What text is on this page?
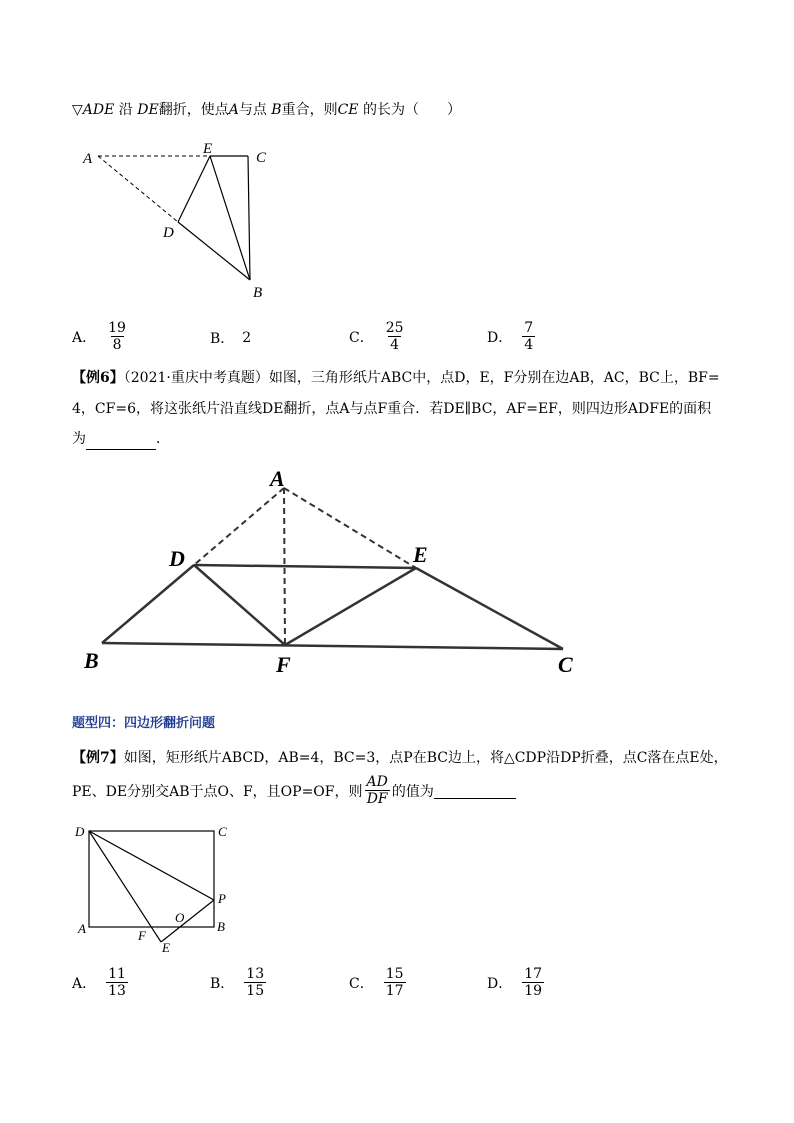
▽ADE 沿 DE翻折，使点A与点 B重合，则CE 的长为（　　）
A
E
C
D
B
A． $\frac{19}{8}$	B． 2	C． $\frac{25}{4}$	D． $\frac{7}{4}$
【例6】（2021·重庆中考真题）如图，三角形纸片ABC中，点D，E，F分别在边AB，AC，BC上，BF=
4，CF=6，将这张纸片沿直线DE翻折，点A与点F重合．若DE∥BC，AF=EF，则四边形ADFE的面积
为	．
A
D	E
B	F	C
题型四：四边形翻折问题
【例7】如图，矩形纸片ABCD，AB=4，BC=3，点P在BC边上，将△CDP沿DP折叠，点C落在点E处，
PE、DE分别交AB于点O、F，且OP=OF，则 $\frac{AD}{DF}$ 的值为
D	C
P
O
A	F
E
B
A． $\frac{11}{13}$	B． $\frac{13}{15}$	C． $\frac{15}{17}$	D． $\frac{17}{19}$
